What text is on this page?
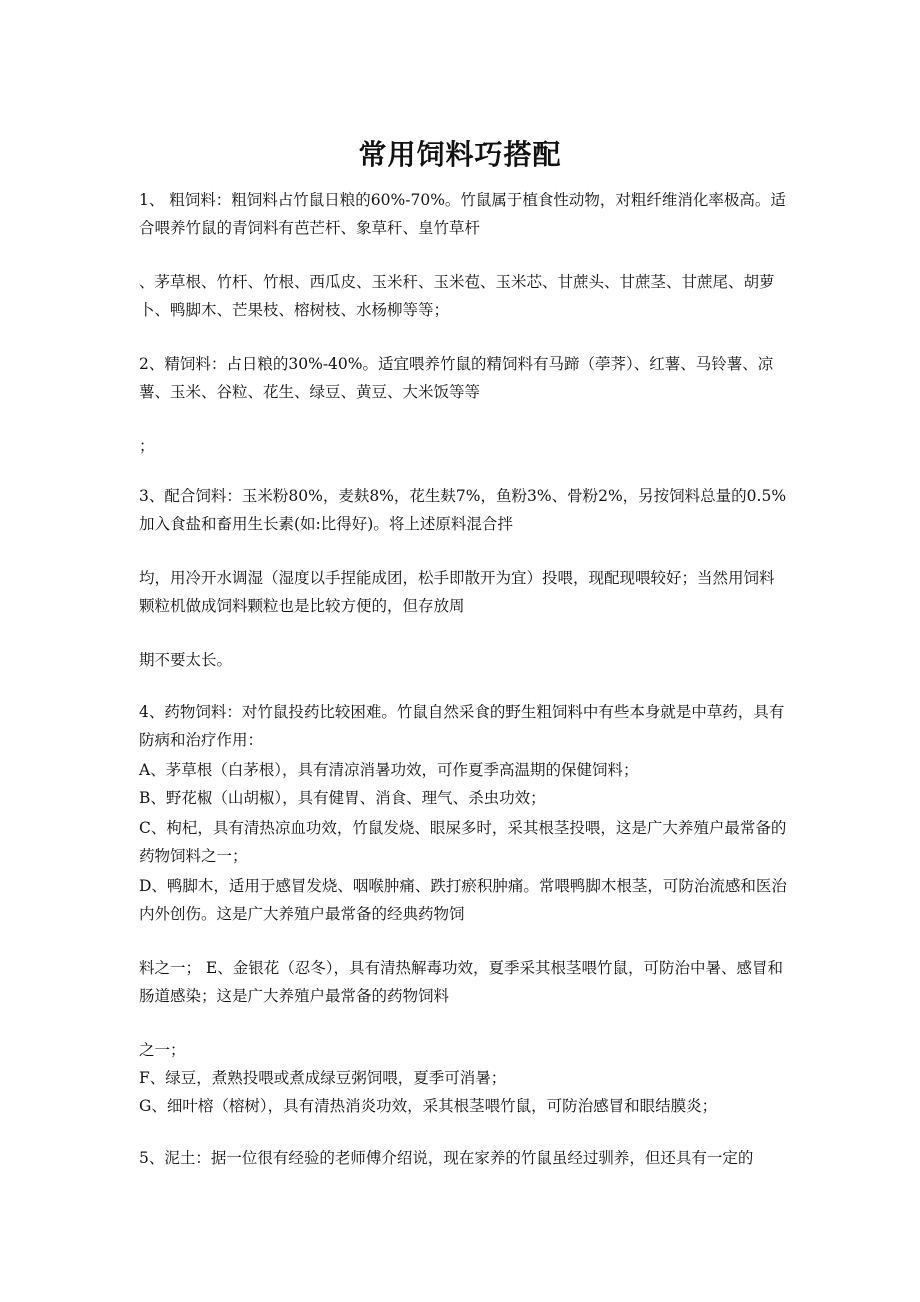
常用饲料巧搭配

1、 粗饲料：粗饲料占竹鼠日粮的60%-70%。竹鼠属于植食性动物，对粗纤维消化率极高。适合喂养竹鼠的青饲料有芭芒杆、象草秆、皇竹草杆

、茅草根、竹杆、竹根、西瓜皮、玉米秆、玉米苞、玉米芯、甘蔗头、甘蔗茎、甘蔗尾、胡萝卜、鸭脚木、芒果枝、榕树枝、水杨柳等等；

2、精饲料：占日粮的30%-40%。适宜喂养竹鼠的精饲料有马蹄（荸荠）、红薯、马铃薯、凉薯、玉米、谷粒、花生、绿豆、黄豆、大米饭等等

；

3、配合饲料：玉米粉80%，麦麸8%，花生麸7%，鱼粉3%、骨粉2%，另按饲料总量的0.5%加入食盐和畜用生长素(如:比得好)。将上述原料混合拌

均，用冷开水调湿（湿度以手捏能成团，松手即散开为宜）投喂，现配现喂较好；当然用饲料颗粒机做成饲料颗粒也是比较方便的，但存放周

期不要太长。

4、药物饲料：对竹鼠投药比较困难。竹鼠自然采食的野生粗饲料中有些本身就是中草药，具有防病和治疗作用：

A、茅草根（白茅根），具有清凉消暑功效，可作夏季高温期的保健饲料；

B、野花椒（山胡椒），具有健胃、消食、理气、杀虫功效；

C、枸杞，具有清热凉血功效，竹鼠发烧、眼屎多时，采其根茎投喂，这是广大养殖户最常备的药物饲料之一；

D、鸭脚木，适用于感冒发烧、咽喉肿痛、跌打瘀积肿痛。常喂鸭脚木根茎，可防治流感和医治内外创伤。这是广大养殖户最常备的经典药物饲

料之一； E、金银花（忍冬），具有清热解毒功效，夏季采其根茎喂竹鼠，可防治中暑、感冒和肠道感染；这是广大养殖户最常备的药物饲料

之一；

F、绿豆，煮熟投喂或煮成绿豆粥饲喂，夏季可消暑；

G、细叶榕（榕树），具有清热消炎功效，采其根茎喂竹鼠，可防治感冒和眼结膜炎；

5、泥土：据一位很有经验的老师傅介绍说，现在家养的竹鼠虽经过驯养，但还具有一定的
